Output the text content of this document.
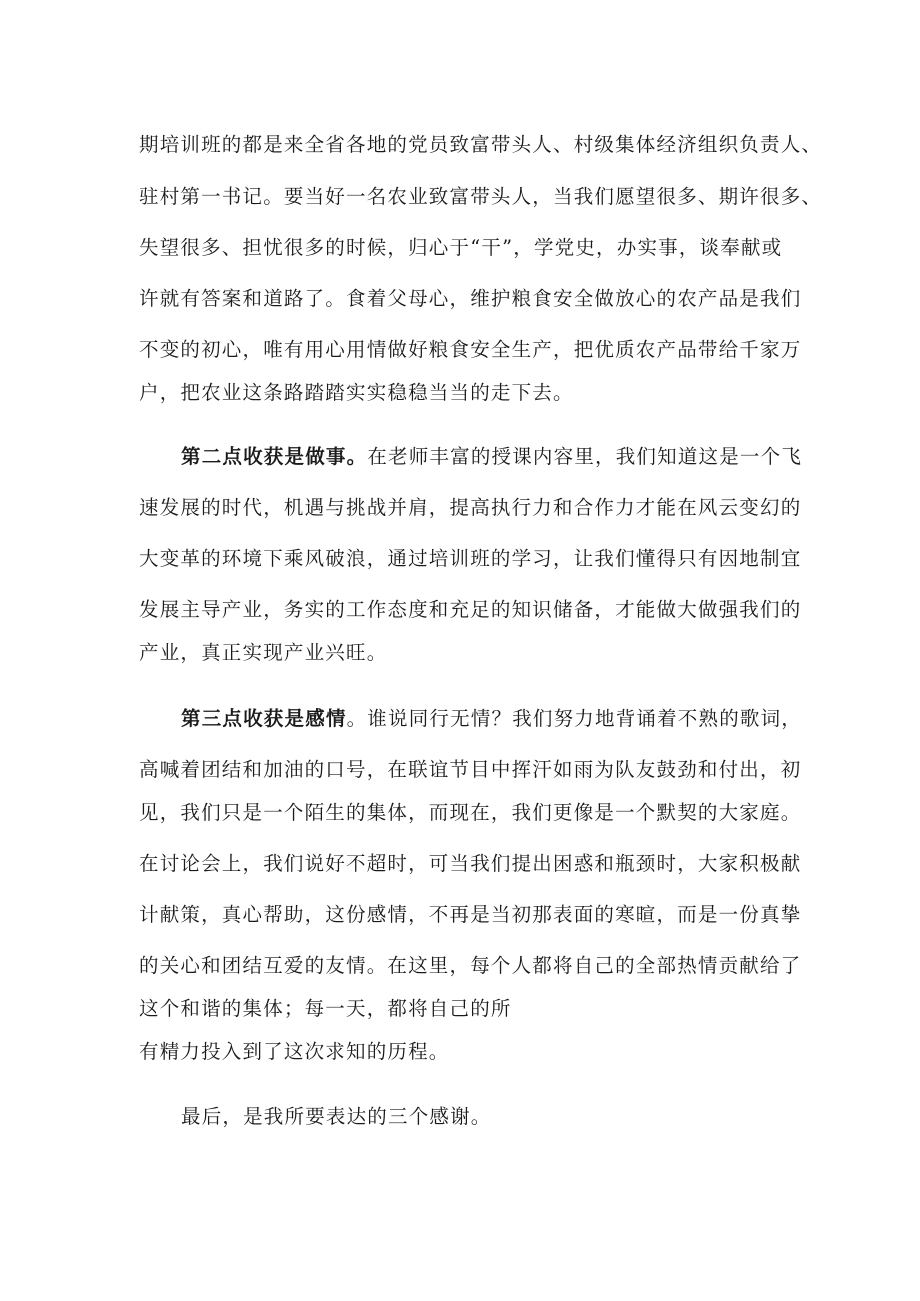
期培训班的都是来全省各地的党员致富带头人、村级集体经济组织负责人、
驻村第一书记。要当好一名农业致富带头人，当我们愿望很多、期许很多、
失望很多、担忧很多的时候，归心于“干”，学党史，办实事，谈奉献或
许就有答案和道路了。食着父母心，维护粮食安全做放心的农产品是我们
不变的初心，唯有用心用情做好粮食安全生产，把优质农产品带给千家万
户，把农业这条路踏踏实实稳稳当当的走下去。
第二点收获是做事。在老师丰富的授课内容里，我们知道这是一个飞
速发展的时代，机遇与挑战并肩，提高执行力和合作力才能在风云变幻的
大变革的环境下乘风破浪，通过培训班的学习，让我们懂得只有因地制宜
发展主导产业，务实的工作态度和充足的知识储备，才能做大做强我们的
产业，真正实现产业兴旺。
第三点收获是感情。谁说同行无情？我们努力地背诵着不熟的歌词，
高喊着团结和加油的口号，在联谊节目中挥汗如雨为队友鼓劲和付出，初
见，我们只是一个陌生的集体，而现在，我们更像是一个默契的大家庭。
在讨论会上，我们说好不超时，可当我们提出困惑和瓶颈时，大家积极献
计献策，真心帮助，这份感情，不再是当初那表面的寒暄，而是一份真挚
的关心和团结互爱的友情。在这里，每个人都将自己的全部热情贡献给了
这个和谐的集体；每一天，都将自己的所
有精力投入到了这次求知的历程。
最后，是我所要表达的三个感谢。
